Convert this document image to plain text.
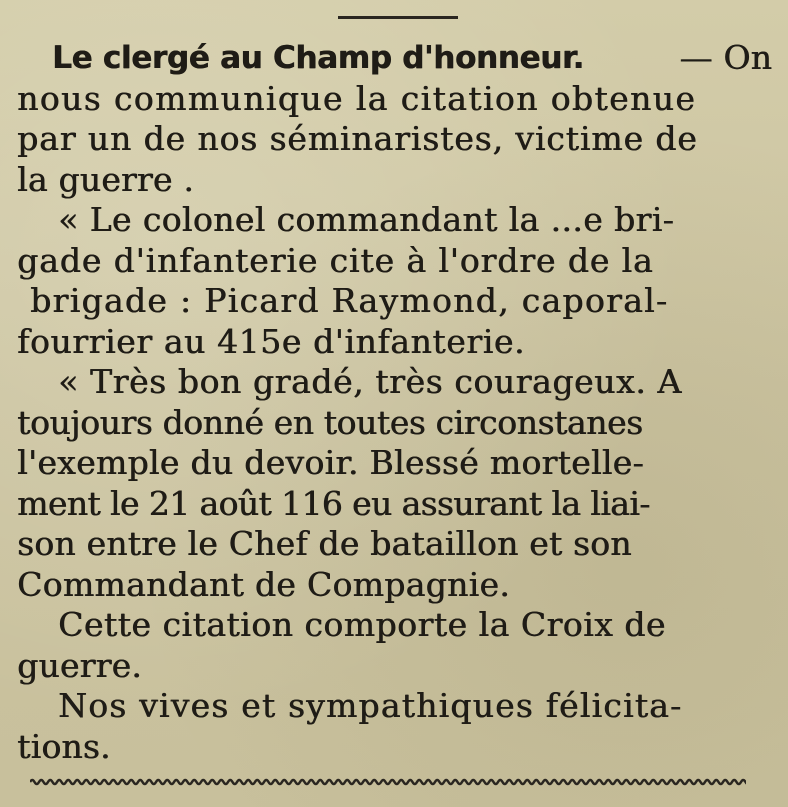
Le clergé au Champ d'honneur.	— On
nous communique la citation obtenue
par un de nos séminaristes, victime de
la guerre .
« Le colonel commandant la ...e bri-
gade d'infanterie cite à l'ordre de la
brigade : Picard Raymond, caporal-
fourrier au 415e d'infanterie.
« Très bon gradé, très courageux. A
toujours donné en toutes circonstanes
l'exemple du devoir. Blessé mortelle-
ment le 21 août 116 eu assurant la liai-
son entre le Chef de bataillon et son
Commandant de Compagnie.
Cette citation comporte la Croix de
guerre.
Nos vives et sympathiques félicita-
tions.
